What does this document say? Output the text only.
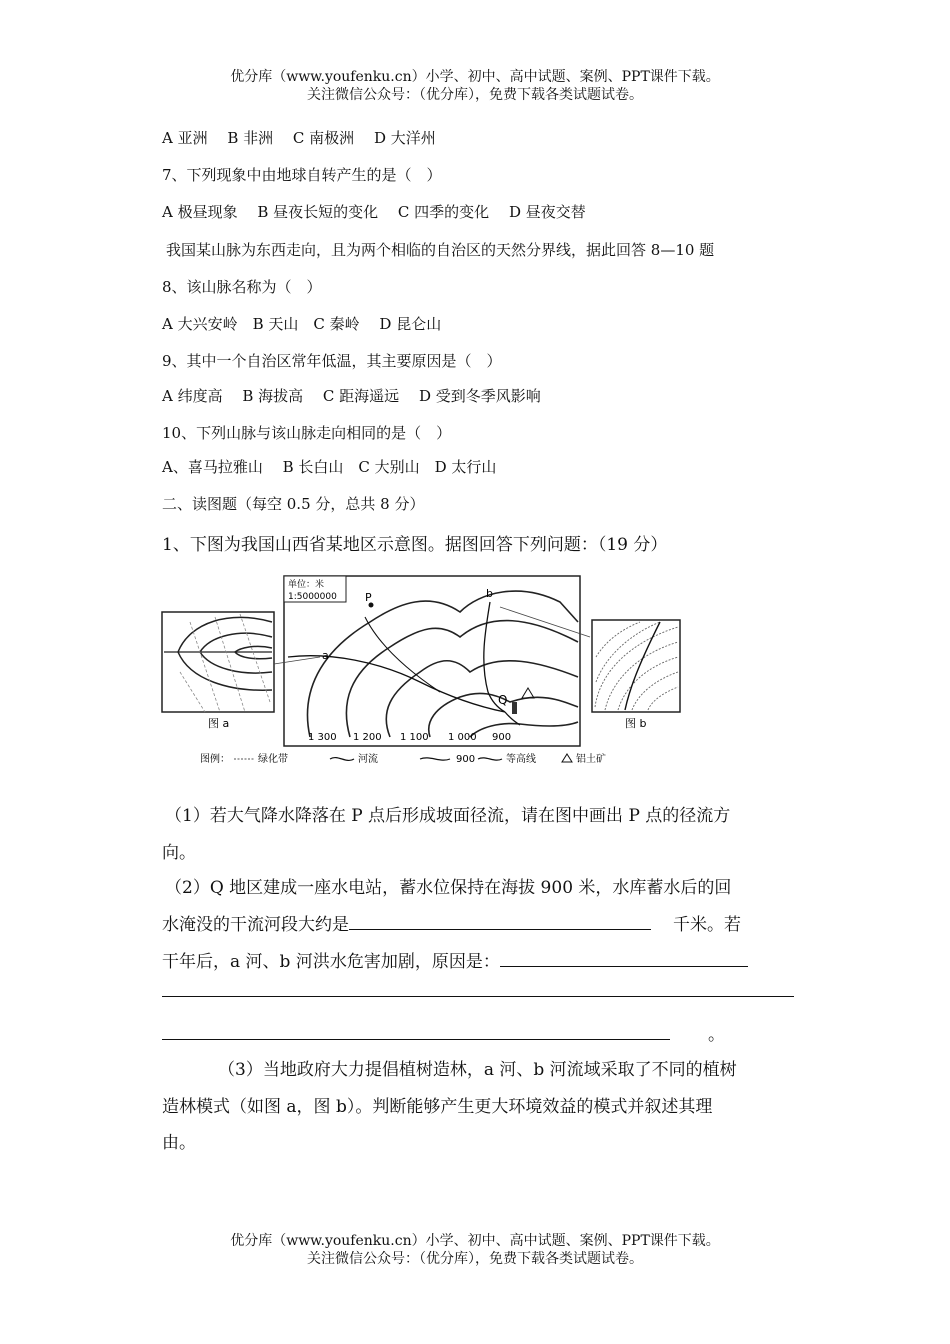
优分库（www.youfenku.cn）小学、初中、高中试题、案例、PPT课件下载。
关注微信公众号：（优分库），免费下载各类试题试卷。
A 亚洲　 B 非洲　 C 南极洲　 D 大洋州
7、下列现象中由地球自转产生的是（　）
A 极昼现象　 B 昼夜长短的变化　 C 四季的变化　 D 昼夜交替
我国某山脉为东西走向，且为两个相临的自治区的天然分界线，据此回答 8—10 题
8、该山脉名称为（　）
A 大兴安岭　B 天山　C 秦岭　 D 昆仑山
9、其中一个自治区常年低温，其主要原因是（　）
A 纬度高　 B 海拔高　 C 距海遥远　 D 受到冬季风影响
10、下列山脉与该山脉走向相同的是（　）
A、喜马拉雅山　 B 长白山　C 大别山　D 太行山
二、读图题（每空 0.5 分，总共 8 分）
1、下图为我国山西省某地区示意图。据图回答下列问题：（19 分）
图 a
单位：米
1:5000000	P
a
b
Q
1 300 1 200 1 100 1 000 900
图 b
图例：	绿化带	河流	900	等高线	铝土矿
（1）若大气降水降落在 P 点后形成坡面径流，请在图中画出 P 点的径流方
向。
（2）Q 地区建成一座水电站，蓄水位保持在海拔 900 米，水库蓄水后的回
水淹没的干流河段大约是	千米。若
干年后，a 河、b 河洪水危害加剧，原因是：
。
（3）当地政府大力提倡植树造林，a 河、b 河流域采取了不同的植树
造林模式（如图 a，图 b）。判断能够产生更大环境效益的模式并叙述其理
由。
优分库（www.youfenku.cn）小学、初中、高中试题、案例、PPT课件下载。
关注微信公众号：（优分库），免费下载各类试题试卷。
